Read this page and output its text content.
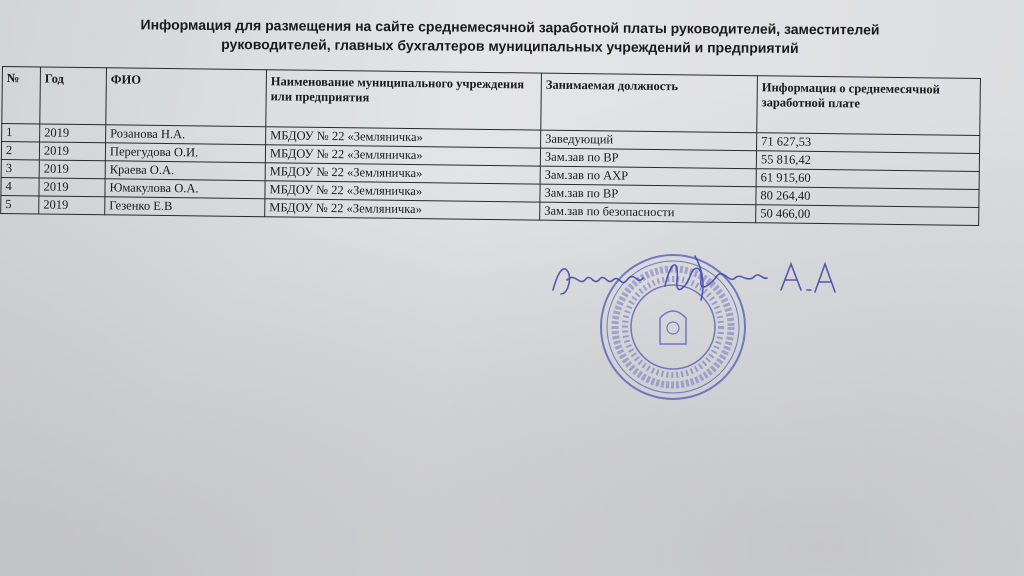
Информация для размещения на сайте среднемесячной заработной платы руководителей, заместителей
руководителей, главных бухгалтеров муниципальных учреждений и предприятий
№	Год	ФИО	Наименование муниципального учреждения или предприятия	Занимаемая должность	Информация о среднемесячной заработной плате
1	2019	Розанова Н.А.	МБДОУ № 22 «Земляничка»	Заведующий	71 627,53
2	2019	Перегудова О.И.	МБДОУ № 22 «Земляничка»	Зам.зав по ВР	55 816,42
3	2019	Краева О.А.	МБДОУ № 22 «Земляничка»	Зам.зав по АХР	61 915,60
4	2019	Юмакулова О.А.	МБДОУ № 22 «Земляничка»	Зам.зав по ВР	80 264,40
5	2019	Гезенко Е.В	МБДОУ № 22 «Земляничка»	Зам.зав по безопасности	50 466,00
